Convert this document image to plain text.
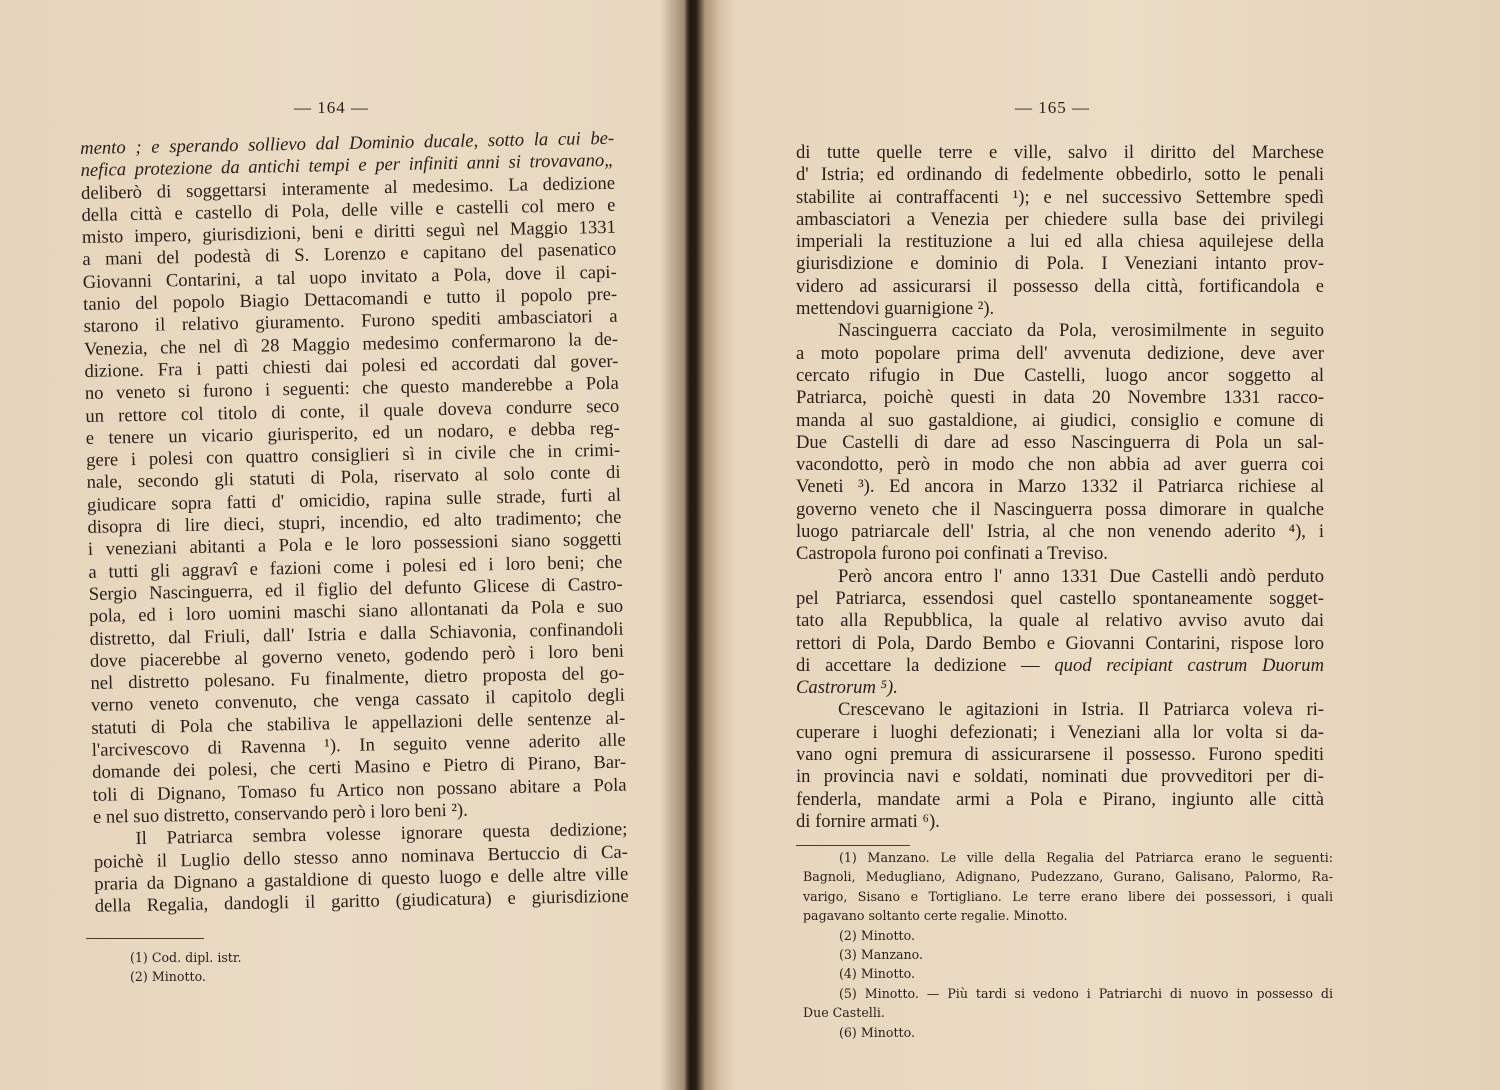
— 164 —
mento ; e sperando sollievo dal Dominio ducale, sotto la cui be-
nefica protezione da antichi tempi e per infiniti anni si trovavano„
deliberò di soggettarsi interamente al medesimo. La dedizione
della città e castello di Pola, delle ville e castelli col mero e
misto impero, giurisdizioni, beni e diritti seguì nel Maggio 1331
a mani del podestà di S. Lorenzo e capitano del pasenatico
Giovanni Contarini, a tal uopo invitato a Pola, dove il capi-
tanio del popolo Biagio Dettacomandi e tutto il popolo pre-
starono il relativo giuramento. Furono spediti ambasciatori a
Venezia, che nel dì 28 Maggio medesimo confermarono la de-
dizione. Fra i patti chiesti dai polesi ed accordati dal gover-
no veneto si furono i seguenti: che questo manderebbe a Pola
un rettore col titolo di conte, il quale doveva condurre seco
e tenere un vicario giurisperito, ed un nodaro, e debba reg-
gere i polesi con quattro consiglieri sì in civile che in crimi-
nale, secondo gli statuti di Pola, riservato al solo conte di
giudicare sopra fatti d' omicidio, rapina sulle strade, furti al
disopra di lire dieci, stupri, incendio, ed alto tradimento; che
i veneziani abitanti a Pola e le loro possessioni siano soggetti
a tutti gli aggravî e fazioni come i polesi ed i loro beni; che
Sergio Nascinguerra, ed il figlio del defunto Glicese di Castro-
pola, ed i loro uomini maschi siano allontanati da Pola e suo
distretto, dal Friuli, dall' Istria e dalla Schiavonia, confinandoli
dove piacerebbe al governo veneto, godendo però i loro beni
nel distretto polesano. Fu finalmente, dietro proposta del go-
verno veneto convenuto, che venga cassato il capitolo degli
statuti di Pola che stabiliva le appellazioni delle sentenze al-
l'arcivescovo di Ravenna ¹). In seguito venne aderito alle
domande dei polesi, che certi Masino e Pietro di Pirano, Bar-
toli di Dignano, Tomaso fu Artico non possano abitare a Pola
e nel suo distretto, conservando però i loro beni ²).
Il Patriarca sembra volesse ignorare questa dedizione;
poichè il Luglio dello stesso anno nominava Bertuccio di Ca-
praria da Dignano a gastaldione di questo luogo e delle altre ville
della Regalia, dandogli il garitto (giudicatura) e giurisdizione
(1) Cod. dipl. istr.
(2) Minotto.
— 165 —
di tutte quelle terre e ville, salvo il diritto del Marchese
d' Istria; ed ordinando di fedelmente obbedirlo, sotto le penali
stabilite ai contraffacenti ¹); e nel successivo Settembre spedì
ambasciatori a Venezia per chiedere sulla base dei privilegi
imperiali la restituzione a lui ed alla chiesa aquilejese della
giurisdizione e dominio di Pola. I Veneziani intanto prov-
videro ad assicurarsi il possesso della città, fortificandola e
mettendovi guarnigione ²).
Nascinguerra cacciato da Pola, verosimilmente in seguito
a moto popolare prima dell' avvenuta dedizione, deve aver
cercato rifugio in Due Castelli, luogo ancor soggetto al
Patriarca, poichè questi in data 20 Novembre 1331 racco-
manda al suo gastaldione, ai giudici, consiglio e comune di
Due Castelli di dare ad esso Nascinguerra di Pola un sal-
vacondotto, però in modo che non abbia ad aver guerra coi
Veneti ³). Ed ancora in Marzo 1332 il Patriarca richiese al
governo veneto che il Nascinguerra possa dimorare in qualche
luogo patriarcale dell' Istria, al che non venendo aderito ⁴), i
Castropola furono poi confinati a Treviso.
Però ancora entro l' anno 1331 Due Castelli andò perduto
pel Patriarca, essendosi quel castello spontaneamente sogget-
tato alla Repubblica, la quale al relativo avviso avuto dai
rettori di Pola, Dardo Bembo e Giovanni Contarini, rispose loro
di accettare la dedizione — quod recipiant castrum Duorum
Castrorum ⁵).
Crescevano le agitazioni in Istria. Il Patriarca voleva ri-
cuperare i luoghi defezionati; i Veneziani alla lor volta si da-
vano ogni premura di assicurarsene il possesso. Furono spediti
in provincia navi e soldati, nominati due provveditori per di-
fenderla, mandate armi a Pola e Pirano, ingiunto alle città
di fornire armati ⁶).
(1) Manzano. Le ville della Regalia del Patriarca erano le seguenti:
Bagnoli, Medugliano, Adignano, Pudezzano, Gurano, Galisano, Palormo, Ra-
varigo, Sisano e Tortigliano. Le terre erano libere dei possessori, i quali
pagavano soltanto certe regalie. Minotto.
(2) Minotto.
(3) Manzano.
(4) Minotto.
(5) Minotto. — Più tardi si vedono i Patriarchi di nuovo in possesso di
Due Castelli.
(6) Minotto.
